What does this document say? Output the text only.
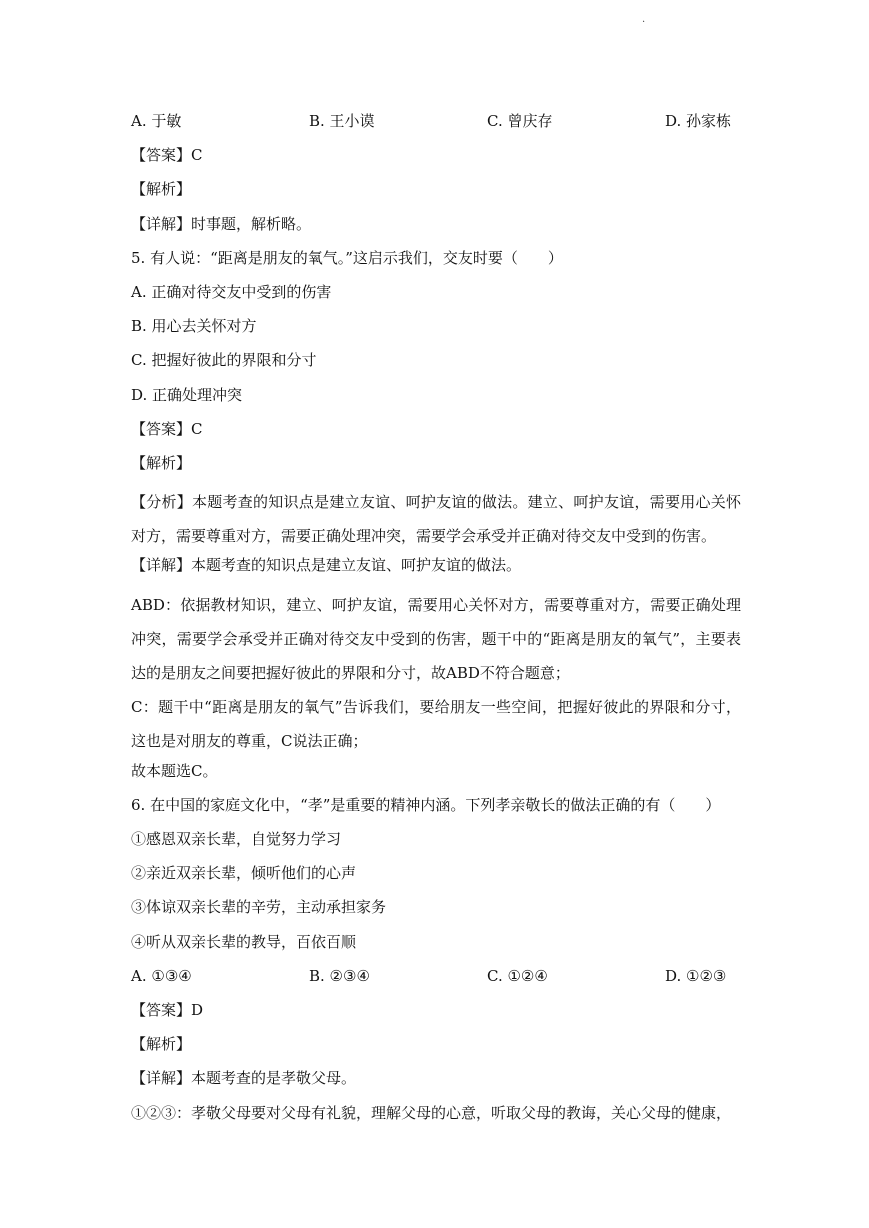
.
A. 于敏	B. 王小谟	C. 曾庆存	D. 孙家栋
【答案】C
【解析】
【详解】时事题，解析略。
5. 有人说：“距离是朋友的氧气。”这启示我们，交友时要（　　）
A. 正确对待交友中受到的伤害
B. 用心去关怀对方
C. 把握好彼此的界限和分寸
D. 正确处理冲突
【答案】C
【解析】

【分析】本题考查的知识点是建立友谊、呵护友谊的做法。建立、呵护友谊，需要用心关怀对方，需要尊重对方，需要正确处理冲突，需要学会承受并正确对待交友中受到的伤害。

【详解】本题考查的知识点是建立友谊、呵护友谊的做法。

ABD：依据教材知识，建立、呵护友谊，需要用心关怀对方，需要尊重对方，需要正确处理冲突，需要学会承受并正确对待交友中受到的伤害，题干中的“距离是朋友的氧气”，主要表达的是朋友之间要把握好彼此的界限和分寸，故ABD不符合题意；

C：题干中“距离是朋友的氧气”告诉我们，要给朋友一些空间，把握好彼此的界限和分寸，这也是对朋友的尊重，C说法正确；

故本题选C。
6. 在中国的家庭文化中，“孝”是重要的精神内涵。下列孝亲敬长的做法正确的有（　　）
①感恩双亲长辈，自觉努力学习
②亲近双亲长辈，倾听他们的心声
③体谅双亲长辈的辛劳，主动承担家务
④听从双亲长辈的教导，百依百顺
A. ①③④	B. ②③④	C. ①②④	D. ①②③
【答案】D
【解析】
【详解】本题考查的是孝敬父母。
①②③：孝敬父母要对父母有礼貌，理解父母的心意，听取父母的教诲，关心父母的健康，
